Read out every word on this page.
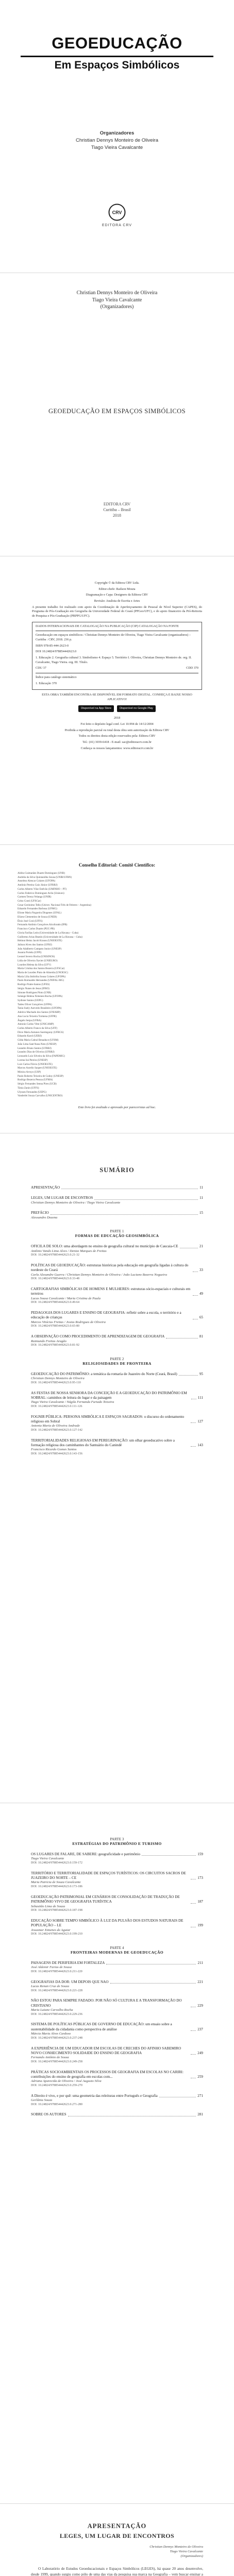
GEOEDUCAÇÃO
Em Espaços Simbólicos
Organizadores
Christian Dennys Monteiro de Oliveira
Tiago Vieira Cavalcante
CRV
EDITORA CRV
Christian Dennys Monteiro de Oliveira
Tiago Vieira Cavalcante
(Organizadores)
GEOEDUCAÇÃO EM ESPAÇOS SIMBÓLICOS
EDITORA CRV
Curitiba – Brasil
2018

Copyright © da Editora CRV Ltda.

Editor-chefe: Railson Moura

Diagramação e Capa: Designers da Editora CRV

Revisão: Analista de Escrita e Artes

A presente trabalho foi realizado com apoio da Coordenação de Aperfeiçoamento de Pessoal de Nível Superior (CAPES), do Programa de Pós-Graduação em Geografia da Universidade Federal do Ceará (PPGeo/UFC), e do apoio financeiro da Pró-Reitoria de Pesquisa e Pós-Graduação (PRPPG/UFC).

DADOS INTERNACIONAIS DE CATALOGAÇÃO NA PUBLICAÇÃO (CIP) CATALOGAÇÃO NA FONTE

Geoeducação em espaços simbólicos / Christian Dennys Monteiro de Oliveira, Tiago Vieira Cavalcante (organizadores) – Curitiba : CRV, 2018. 236 p.

ISBN 978-85-444-2623-0

DOI 10.24824/978854442623.0

1. Educação 2. Geografia cultural 3. Simbolismo 4. Espaço 5. Território I. Oliveira, Christian Dennys Monteiro de. org. II. Cavalcante, Tiago Vieira. org. III. Título.

CDU 37	CDD 370

Índice para catálogo sistemático

1. Educação 370

ESTA OBRA TAMBÉM ENCONTRA-SE DISPONÍVEL EM FORMATO DIGITAL. CONHEÇA E BAIXE NOSSO APLICATIVO!

Disponível na App Store	Disponível no Google Play

2018

Foi feito o depósito legal conf. Lei 10.994 de 14/12/2004

Proibida a reprodução parcial ou total desta obra sem autorização da Editora CRV

Todos os direitos desta edição reservados pela: Editora CRV

Tel.: (41) 3039-6418 - E-mail: sac@editoracrv.com.br

Conheça os nossos lançamentos: www.editoracrv.com.br

Conselho Editorial: Comitê Científico:

Aldira Guimarães Duarte Domínguez (UNB)

Andréia da Silva Quintanilha Sousa (UNIR/UFRN)

Anselmo Alencar Colares (UFOPA)

Antônio Pereira Gaio Júnior (UFRRJ)

Carlos Alberto Vilar Estêvão (UMINHO – PT)

Carlos Federico Dominguez Avila (Unieuro)

Carmen Tereza Velanga (UNIR)

Celso Conti (UFSCar)

Cesar Gerónimo Tello (Univer. Nacional Três de Febrero – Argentina)

Eduardo Fernandes Barbosa (UFMG)

Elione Maria Nogueira Diogenes (UFAL)

Elizeu Clementino de Souza (UNEB)

Élsio José Corá (UFFS)

Fernando Antônio Gonçalves Alcoforado (IPB)

Francisco Carlos Duarte (PUC-PR)

Gloria Fariñas León (Universidade de La Havana – Cuba)

Guillermo Arias Beatón (Universidade de La Havana – Cuba)

Helmut Heinz Jacob Krauss (UNIOESTE)

Jailson Alves dos Santos (UFRJ)

João Adalberto Campato Junior (UNESP)

Josania Portela (UFPI)

Leonel Severo Rocha (UNISINOS)

Lídia de Oliveira Xavier (UNIEURO)

Lourdes Helena da Silva (UFV)

Maria Cristina dos Santos Bezerra (UFSCar)

Maria de Lourdes Pinto de Almeida (UNOESC)

Maria Lília Imbiriba Sousa Colares (UFOPA)

Paulo Romualdo Hernandes (UNIFAL-MG)

Rodrigo Pratte-Santos (UFES)

Sérgio Nunes de Jesus (IFRO)

Simone Rodrigues Pinto (UNB)

Solange Helena Ximenes-Rocha (UFOPA)

Sydione Santos (UEPG)

Tadeu Oliver Gonçalves (UFPA)

Tania Suely Azevedo Brasileiro (UFOPA)

Adelcio Machado dos Santos (UNIARP)

Ana Lucia Teixeira Tormena (UFPR)

Ângelo Serpa (UFBA)

Antonio Carlos Vitte (UNICAMP)

Carlos Alberto Franco da Silva (UFF)

Dirce Maria Antunes Suertegaray (UFRGS)

Eduardo Karol (UERJ)

Gilda Maria Cabral Benaduce (UFSM)

João Lima Sant'Anna Neto (UNESP)

Leandro Bruno Santos (UFRRJ)

Leandro Dias de Oliveira (UFRRJ)

Leonardo Luiz Silveira da Silva (FAPEMIG)

Lorena Izá Pereira (UNESP)

Luiz Carlos Flávio (UNIOESTE)

Marcos Aurelio Saquet (UNIOESTE)

Mónica Arroyo (USP)

Paulo Roberto Teixeira de Godoy (UNESP)

Rodrigo Bezerra Pessoa (UFMA)

Sérgio Fernandes Senna Pires (UCB)

Tânia Zanin (UFFS)

Ulysses Fernandes (UEPG)

Vanderlei Souza Carvalho (UNICENTRO)

Este livro foi avaliado e aprovado por pareceristas ad hoc.
SUMÁRIO
APRESENTAÇÃO	11
LEGES, UM LUGAR DE ENCONTROS	11
Christian Dennys Monteiro de Oliveira / Tiago Vieira Cavalcante
PREFÁCIO	15
Alessandro Dozena
PARTE 1
FORMAS DE EDUCAÇÃO GEOSIMBÓLICA
OFICILA DE SOLO: uma abordagem no ensino de geografia cultural no município de Caucaia-CE	21
Antônio Vando Lima Alves / Denize Marques de Freitas
DOI: 10.24824/978854442623.0.21-32
POLÍTICAS DE GEOEDUCAÇÃO: estruturas históricas pela educação em geografia ligadas à cultura do nordeste do Ceará	33
Carla Alexandre Guerra / Christian Dennys Monteiro de Oliveira / João Luciano Bezerra Nogueira
DOI: 10.24824/978854442623.0.33-48
CARTOGRAFIAS SIMBÓLICAS DE HOMENS E MULHERES: estruturas sócio-espaciais e culturais em terreiros	49
Lucas Sousa Cavalcante / Maria Cristina de Paula
DOI: 10.24824/978854442623.0.49-64
PEDAGOGIA DOS LUGARES E ENSINO DE GEOGRAFIA: refletir sobre a escola, o território e a educação de crianças	65
Marcos Vinícius Freitas / Josias Rodrigues de Oliveira
DOI: 10.24824/978854442623.0.65-80
A OBSERVAÇÃO COMO PROCEDIMENTO DE APRENDIZAGEM DE GEOGRAFIA	81
Raimundo Freitas Aragão
DOI: 10.24824/978854442623.0.81-92
PARTE 2
RELIGIOSIDADES DE FRONTEIRA
GEOEDUCAÇÃO DO PATRIMÔNIO: a temática da romaria de Juazeiro do Norte (Ceará, Brasil)	95
Christian Dennys Monteiro de Oliveira
DOI: 10.24824/978854442623.0.95-110
AS FESTAS DE NOSSA SENHORA DA CONCEIÇÃO E A GEOEDUCAÇÃO DO PATRIMÔNIO EM SOBRAL: caminhos de leitura do lugar e da paisagem	111
Tiago Vieira Cavalcante / Nágila Fernanda Furtado Teixeira
DOI: 10.24824/978854442623.0.111-126
FOGNIR PÚBLICA: PERSONA SIMBÓLICA E ESPAÇOS SAGRADOS: o discurso do ordenamento religioso em Sobral	127
Antonia Maria de Oliveira Andrade
DOI: 10.24824/978854442623.0.127-142
TERRITORIALIDADES RELIGIOSAS EM PEREGRINAÇÃO: um olhar geoeducativo sobre a formação religiosa dos caminhantes do Santuário do Canindé	143
Francisco Ricardo Gomes Santos
DOI: 10.24824/978854442623.0.143-156
PARTE 3
ESTRATÉGIAS DO PATRIMÔNIO E TURISMO
OS LUGARES DE FALARE, DE SABERE: geograficidade e patrimônio	159
Tiago Vieira Cavalcante
DOI: 10.24824/978854442623.0.159-172
TERRITÓRIO E TERRITORIALIDADE DE ESPAÇOS TURÍSTICOS: OS CIRCUITOS SACROS DE JUAZEIRO DO NORTE – CE	173
Maria Patricia de Souza Cavalcante
DOI: 10.24824/978854442623.0.173-186
GEOEDUCAÇÃO PATRIMONIAL EM CENÁRIOS DE CONSOLIDAÇÃO DE TRADUÇÃO DE PATRIMÔNIO VIVO DE GEOGRAFIA TURÍSTICA	187
Sebastião Lima de Souza
DOI: 10.24824/978854442623.0.187-198
EDUCAÇÃO SOBRE TEMPO SIMBÓLICO À LUZ DA PULSÃO DOS ESTUDOS NATURAIS DE POPULAÇÃO – LE	199
Jesusmar Ximenes de Aguiar
DOI: 10.24824/978854442623.0.199-210
PARTE 4
FRONTEIRAS MODERNAS DE GEOEDUCAÇÃO
PAISAGENS DE PERIFERIA EM FORTALEZA	211
José Aldemir Farias de Sousa
DOI: 10.24824/978854442623.0.211-220
GEOGRAFIAS DA DOR: UM DEPOIS QUE NAO	221
Lucas Renan Cruz de Souza
DOI: 10.24824/978854442623.0.221-228
NÃO ESTOU PARA SEMPRE FADADO: POR NÃO SÓ CULTURA E A TRANSFORMAÇÃO DO CRISTIANO	229
Maria Laiane Carvalho Rocha
DOI: 10.24824/978854442623.0.229-236
SISTEMA DE POLÍTICAS PÚBLICAS DE GOVERNO DE EDUCAÇÃO: um ensaio sobre a sustentabilidade da cidadania como perspectiva de análise	237
Márcia Maria Alves Cardoso
DOI: 10.24824/978854442623.0.237-248
A EXPERIÊNCIA DE UM EDUCADOR EM ESCOLAS DE CRECHES DO AFINHO SABEMIRO NOVO CONHECIMENTO SOLIDAIDE DO ENSINO DE GEOGRAFIA	249
Fernando Antônio de Sousa
DOI: 10.24824/978854442623.0.249-258
PRÁTICAS SOCIOAMBIENTAIS OS PROCESSOS DE GEOGRAFIA EM ESCOLAS NO CARIRI: contribuições do ensino de geografia em escolas com...	259
Adriana Aparecida de Oliveira / José Augusto Silva
DOI: 10.24824/978854442623.0.259-270
A Direito é vivo, e por quê: uma geometria das releituras entre Português e Geografia	271
Gerlânia Souza
DOI: 10.24824/978854442623.0.271-280
SOBRE OS AUTORES	281
APRESENTAÇÃO
LEGES, UM LUGAR DE ENCONTROS
Christian Dennys Monteiro de Oliveira
Tiago Vieira Cavalcante
(Organizadores)

O Laboratório de Estudos Geoeducacionais e Espaços Simbólicos (LEGES), há quase 20 anos desenvolve, desde 1999, quando surgiu como pólo de uma das vias da pesquisa sua marca na Geografia – vem buscar ensinar a
